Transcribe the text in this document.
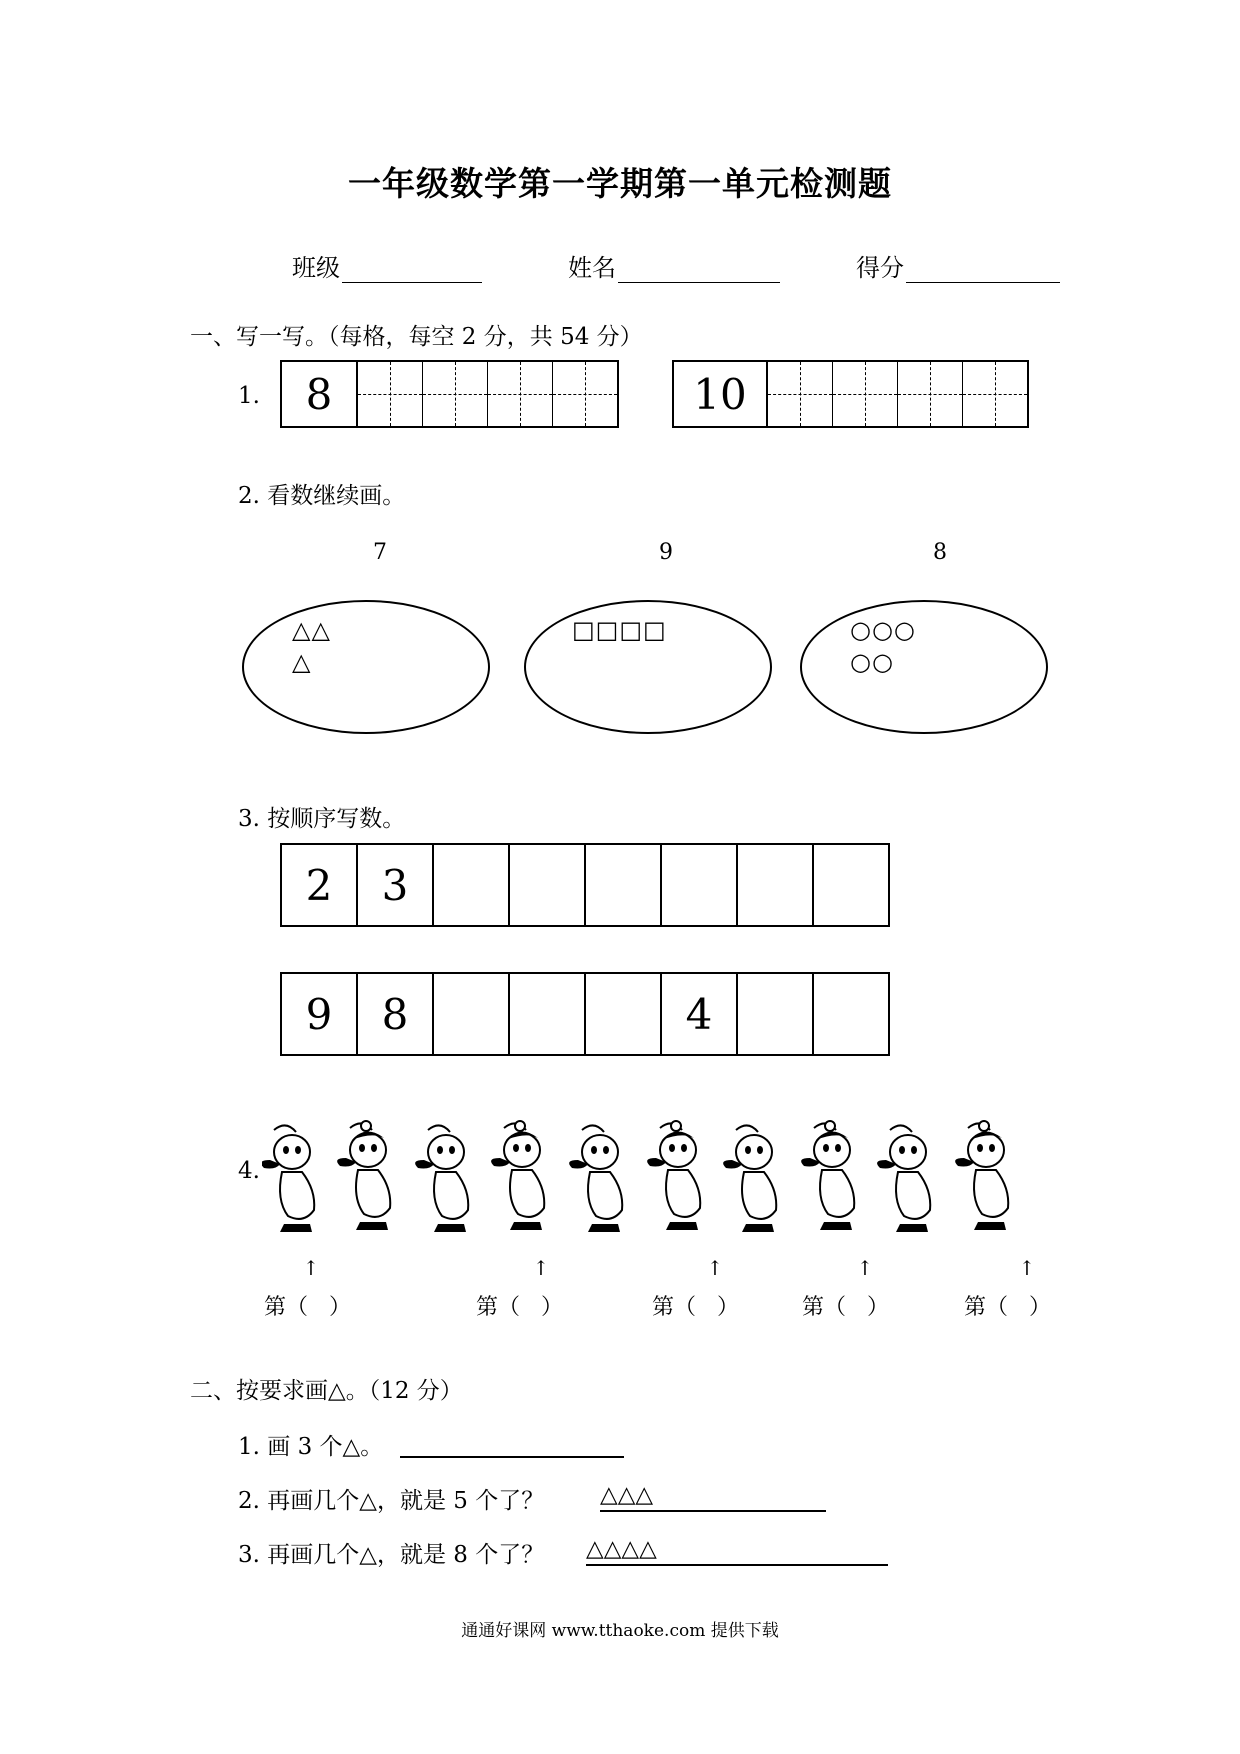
一年级数学第一学期第一单元检测题
班级	姓名	得分
一、写一写。（每格，每空 2 分，共 54 分）
1.	8	10
2. 看数继续画。
7
△△
△
9
□□□□
8
○○○
○○
3. 按顺序写数。
2	3
9	8	4
4.
↑	↑	↑	↑	↑
第（   ）	第（   ）	第（   ）	第（   ）	第（   ）
二、按要求画△。（12 分）
1. 画 3 个△。
2. 再画几个△，就是 5 个了？ △△△
3. 再画几个△，就是 8 个了？ △△△△
通通好课网 www.tthaoke.com 提供下载
